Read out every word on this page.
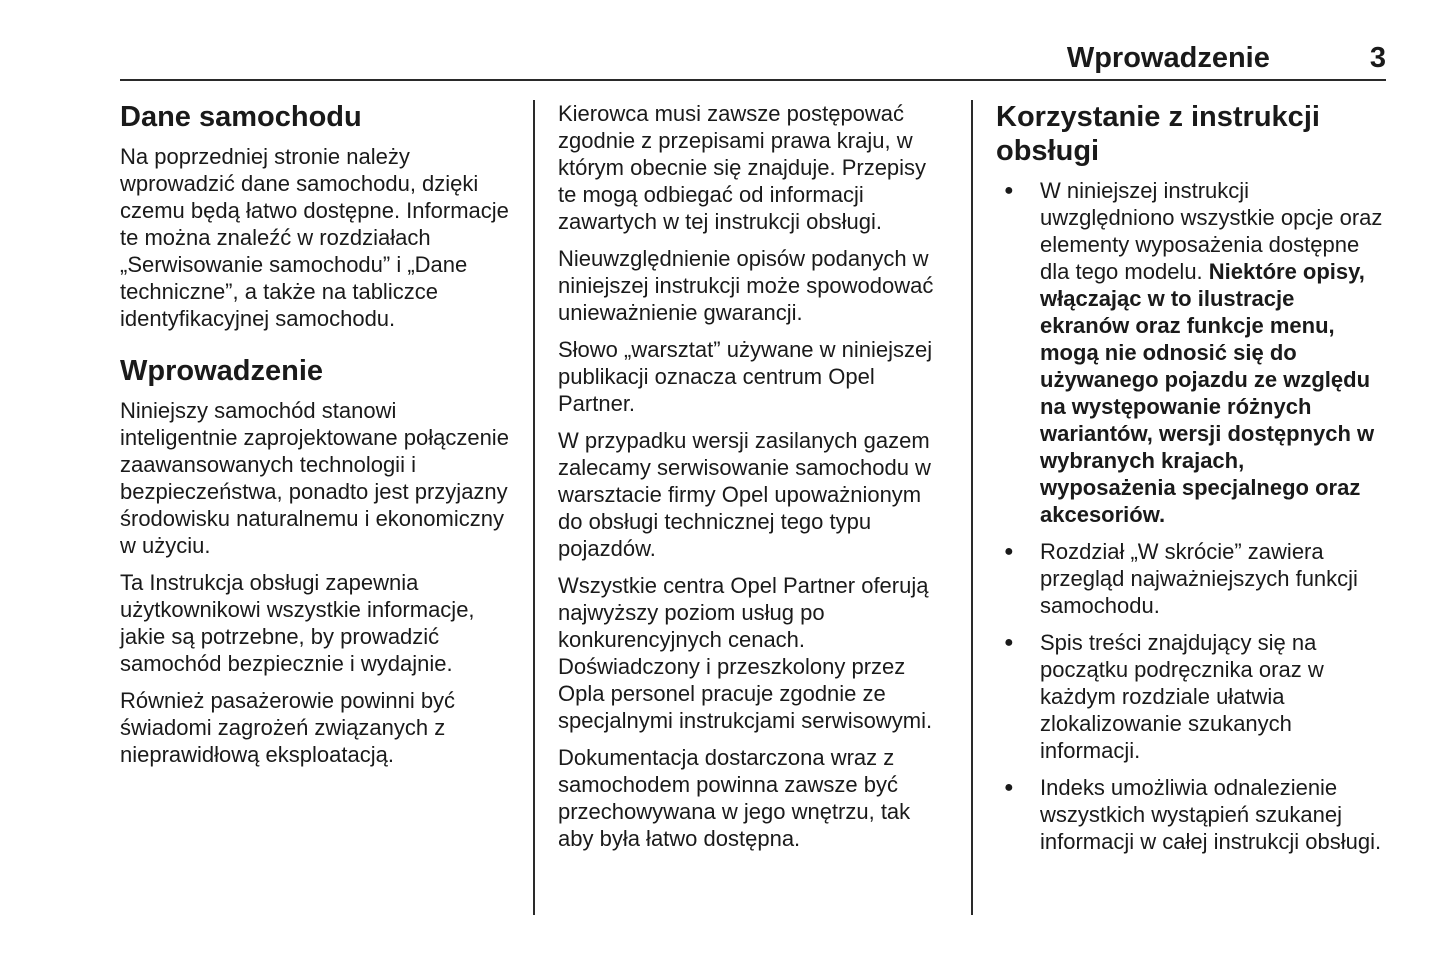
Wprowadzenie	3
Dane samochodu

Na poprzedniej stronie należy wprowadzić dane samochodu, dzięki czemu będą łatwo dostępne. Informacje te można znaleźć w rozdziałach „Serwisowanie samochodu” i „Dane techniczne”, a także na tabliczce identyfikacyjnej samochodu.

Wprowadzenie

Niniejszy samochód stanowi inteligentnie zaprojektowane połączenie zaawansowanych technologii i bezpieczeństwa, ponadto jest przyjazny środowisku naturalnemu i ekonomiczny w użyciu.

Ta Instrukcja obsługi zapewnia użytkownikowi wszystkie informacje, jakie są potrzebne, by prowadzić samochód bezpiecznie i wydajnie.

Również pasażerowie powinni być świadomi zagrożeń związanych z nieprawidłową eksploatacją.

Kierowca musi zawsze postępować zgodnie z przepisami prawa kraju, w którym obecnie się znajduje. Przepisy te mogą odbiegać od informacji zawartych w tej instrukcji obsługi.

Nieuwzględnienie opisów podanych w niniejszej instrukcji może spowodować unieważnienie gwarancji.

Słowo „warsztat” używane w niniejszej publikacji oznacza centrum Opel Partner.

W przypadku wersji zasilanych gazem zalecamy serwisowanie samochodu w warsztacie firmy Opel upoważnionym do obsługi technicznej tego typu pojazdów.

Wszystkie centra Opel Partner oferują najwyższy poziom usług po konkurencyjnych cenach. Doświadczony i przeszkolony przez Opla personel pracuje zgodnie ze specjalnymi instrukcjami serwisowymi.

Dokumentacja dostarczona wraz z samochodem powinna zawsze być przechowywana w jego wnętrzu, tak aby była łatwo dostępna.

Korzystanie z instrukcji obsługi
●	W niniejszej instrukcji uwzględniono wszystkie opcje oraz elementy wyposażenia dostępne dla tego modelu. Niektóre opisy, włączając w to ilustracje ekranów oraz funkcje menu, mogą nie odnosić się do używanego pojazdu ze względu na występowanie różnych wariantów, wersji dostępnych w wybranych krajach, wyposażenia specjalnego oraz akcesoriów.
●	Rozdział „W skrócie” zawiera przegląd najważniejszych funkcji samochodu.
●	Spis treści znajdujący się na początku podręcznika oraz w każdym rozdziale ułatwia zlokalizowanie szukanych informacji.
●	Indeks umożliwia odnalezienie wszystkich wystąpień szukanej informacji w całej instrukcji obsługi.
